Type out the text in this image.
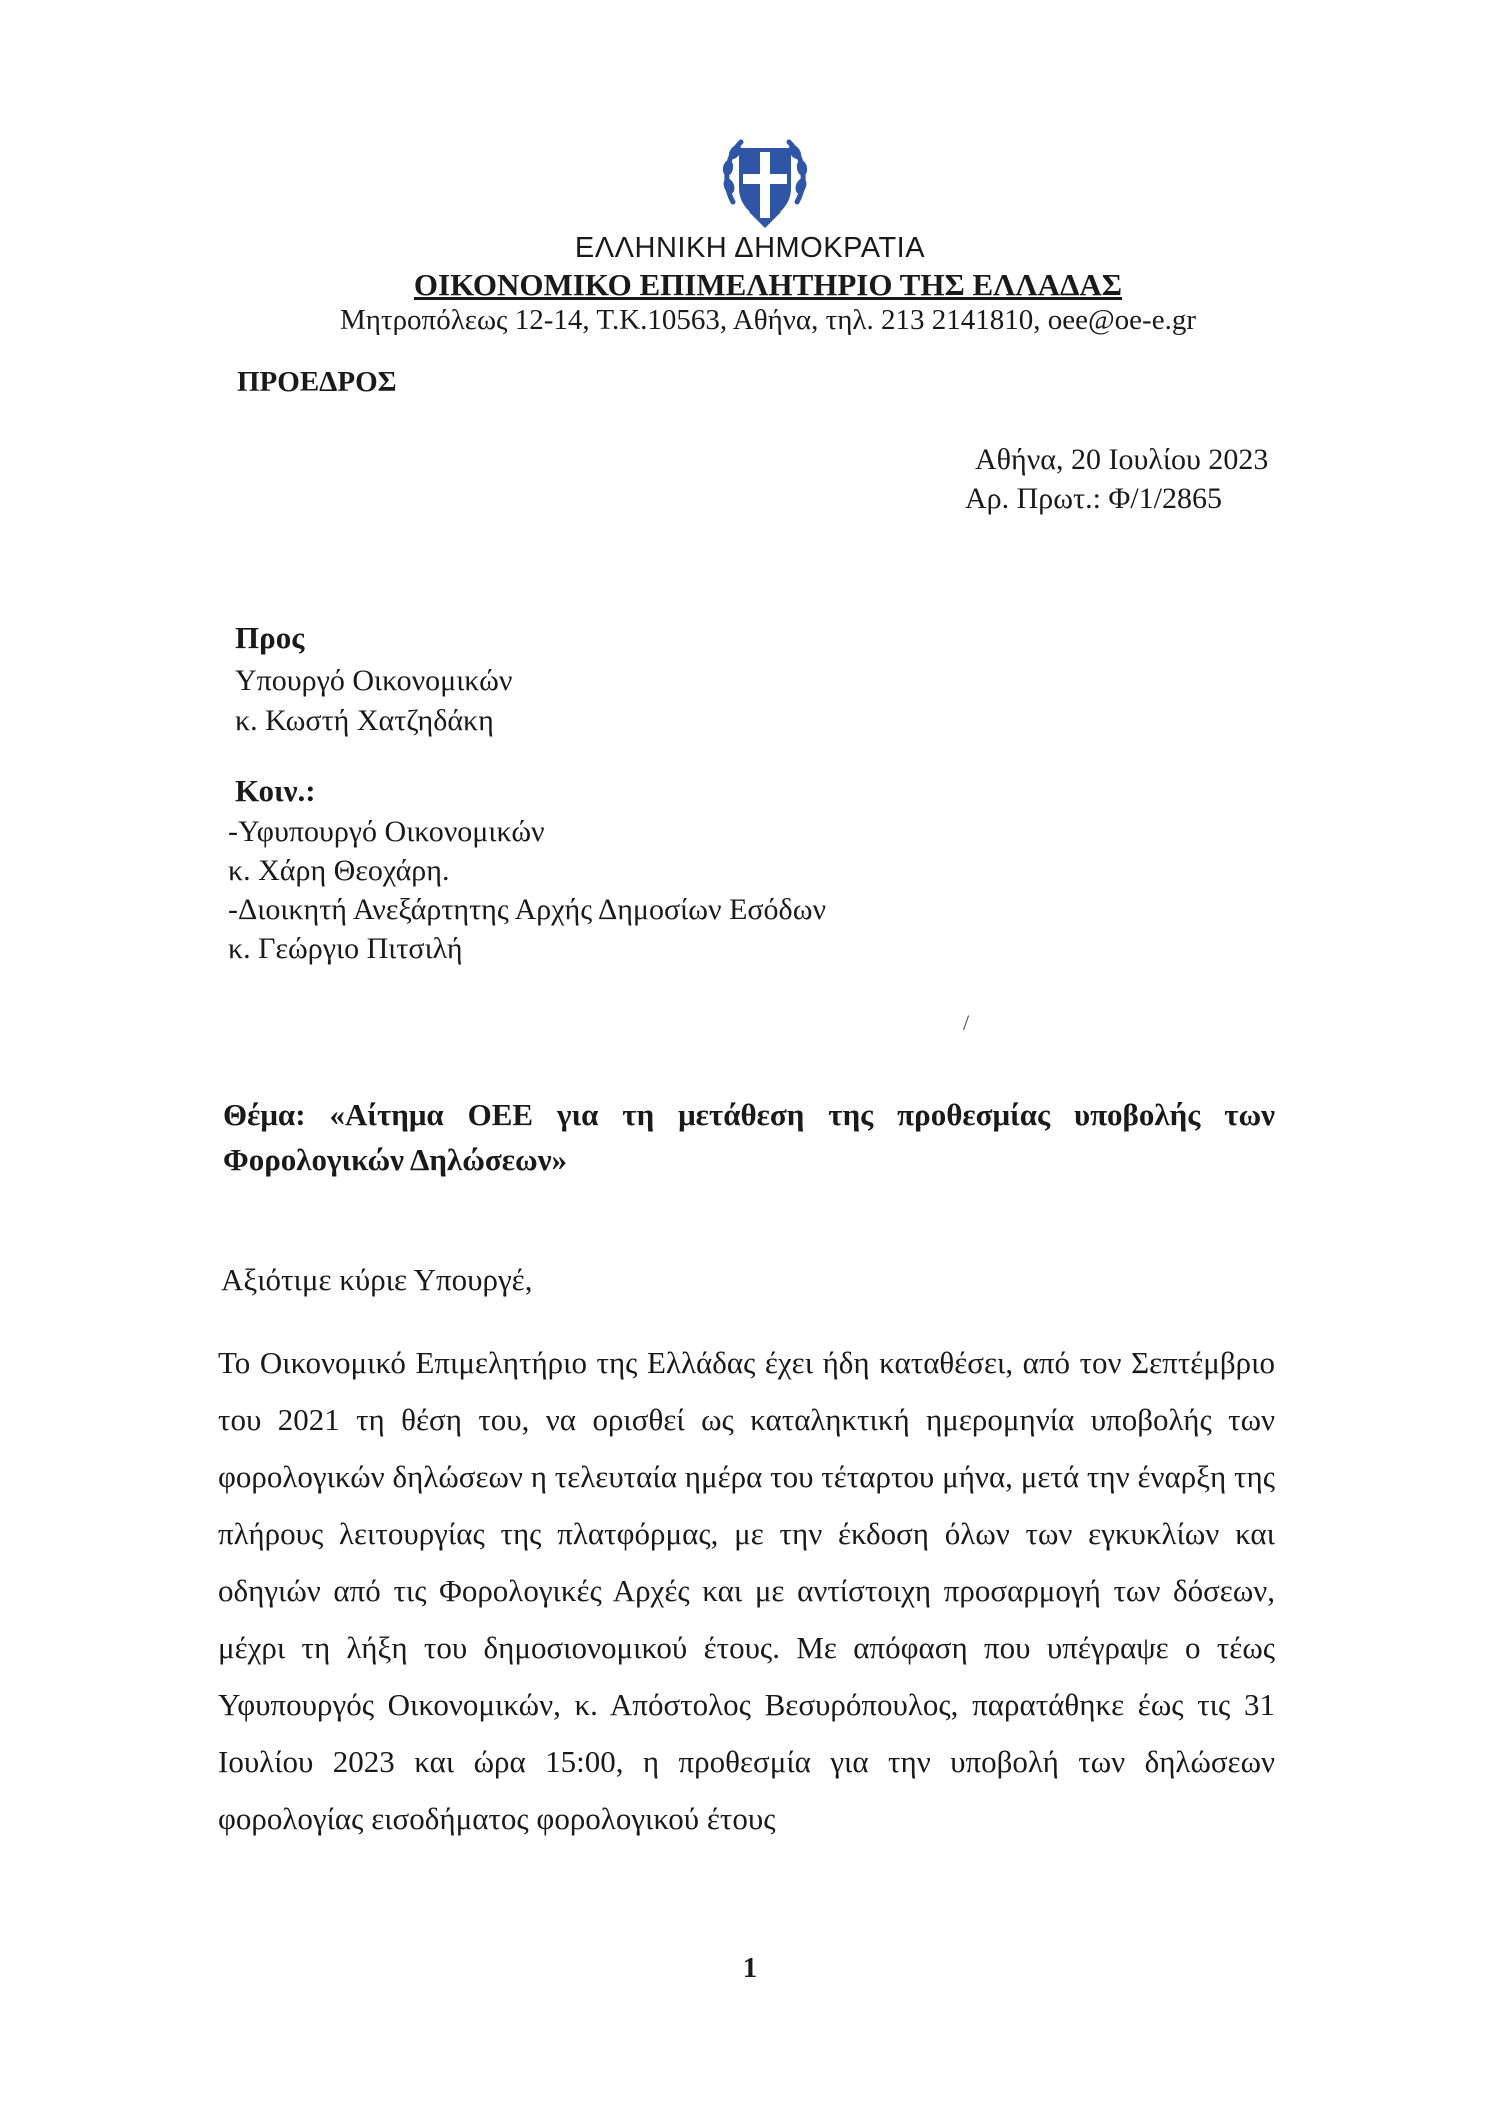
ΕΛΛΗΝΙΚΗ ΔΗΜΟΚΡΑΤΙΑ
ΟΙΚΟΝΟΜΙΚΟ ΕΠΙΜΕΛΗΤΗΡΙΟ ΤΗΣ ΕΛΛΑΔΑΣ
Μητροπόλεως 12-14, Τ.Κ.10563, Αθήνα, τηλ. 213 2141810, oee@oe-e.gr
ΠΡΟΕΔΡΟΣ
Αθήνα, 20 Ιουλίου 2023
Αρ. Πρωτ.: Φ/1/2865
Προς
Υπουργό Οικονομικών
κ. Κωστή Χατζηδάκη
Κοιν.:
-Υφυπουργό Οικονομικών
κ. Χάρη Θεοχάρη.
-Διοικητή Ανεξάρτητης Αρχής Δημοσίων Εσόδων
κ. Γεώργιο Πιτσιλή
/
Θέμα: «Αίτημα ΟΕΕ για τη μετάθεση της προθεσμίας υποβολής των Φορολογικών Δηλώσεων»
Αξιότιμε κύριε Υπουργέ,
Το Οικονομικό Επιμελητήριο της Ελλάδας έχει ήδη καταθέσει, από τον Σεπτέμβριο του 2021 τη θέση του, να ορισθεί ως καταληκτική ημερομηνία υποβολής των φορολογικών δηλώσεων η τελευταία ημέρα του τέταρτου μήνα, μετά την έναρξη της πλήρους λειτουργίας της πλατφόρμας, με την έκδοση όλων των εγκυκλίων και οδηγιών από τις Φορολογικές Αρχές και με αντίστοιχη προσαρμογή των δόσεων, μέχρι τη λήξη του δημοσιονομικού έτους. Με απόφαση που υπέγραψε ο τέως Υφυπουργός Οικονομικών, κ. Απόστολος Βεσυρόπουλος, παρατάθηκε έως τις 31 Ιουλίου 2023 και ώρα 15:00, η προθεσμία για την υποβολή των δηλώσεων φορολογίας εισοδήματος φορολογικού έτους
1
